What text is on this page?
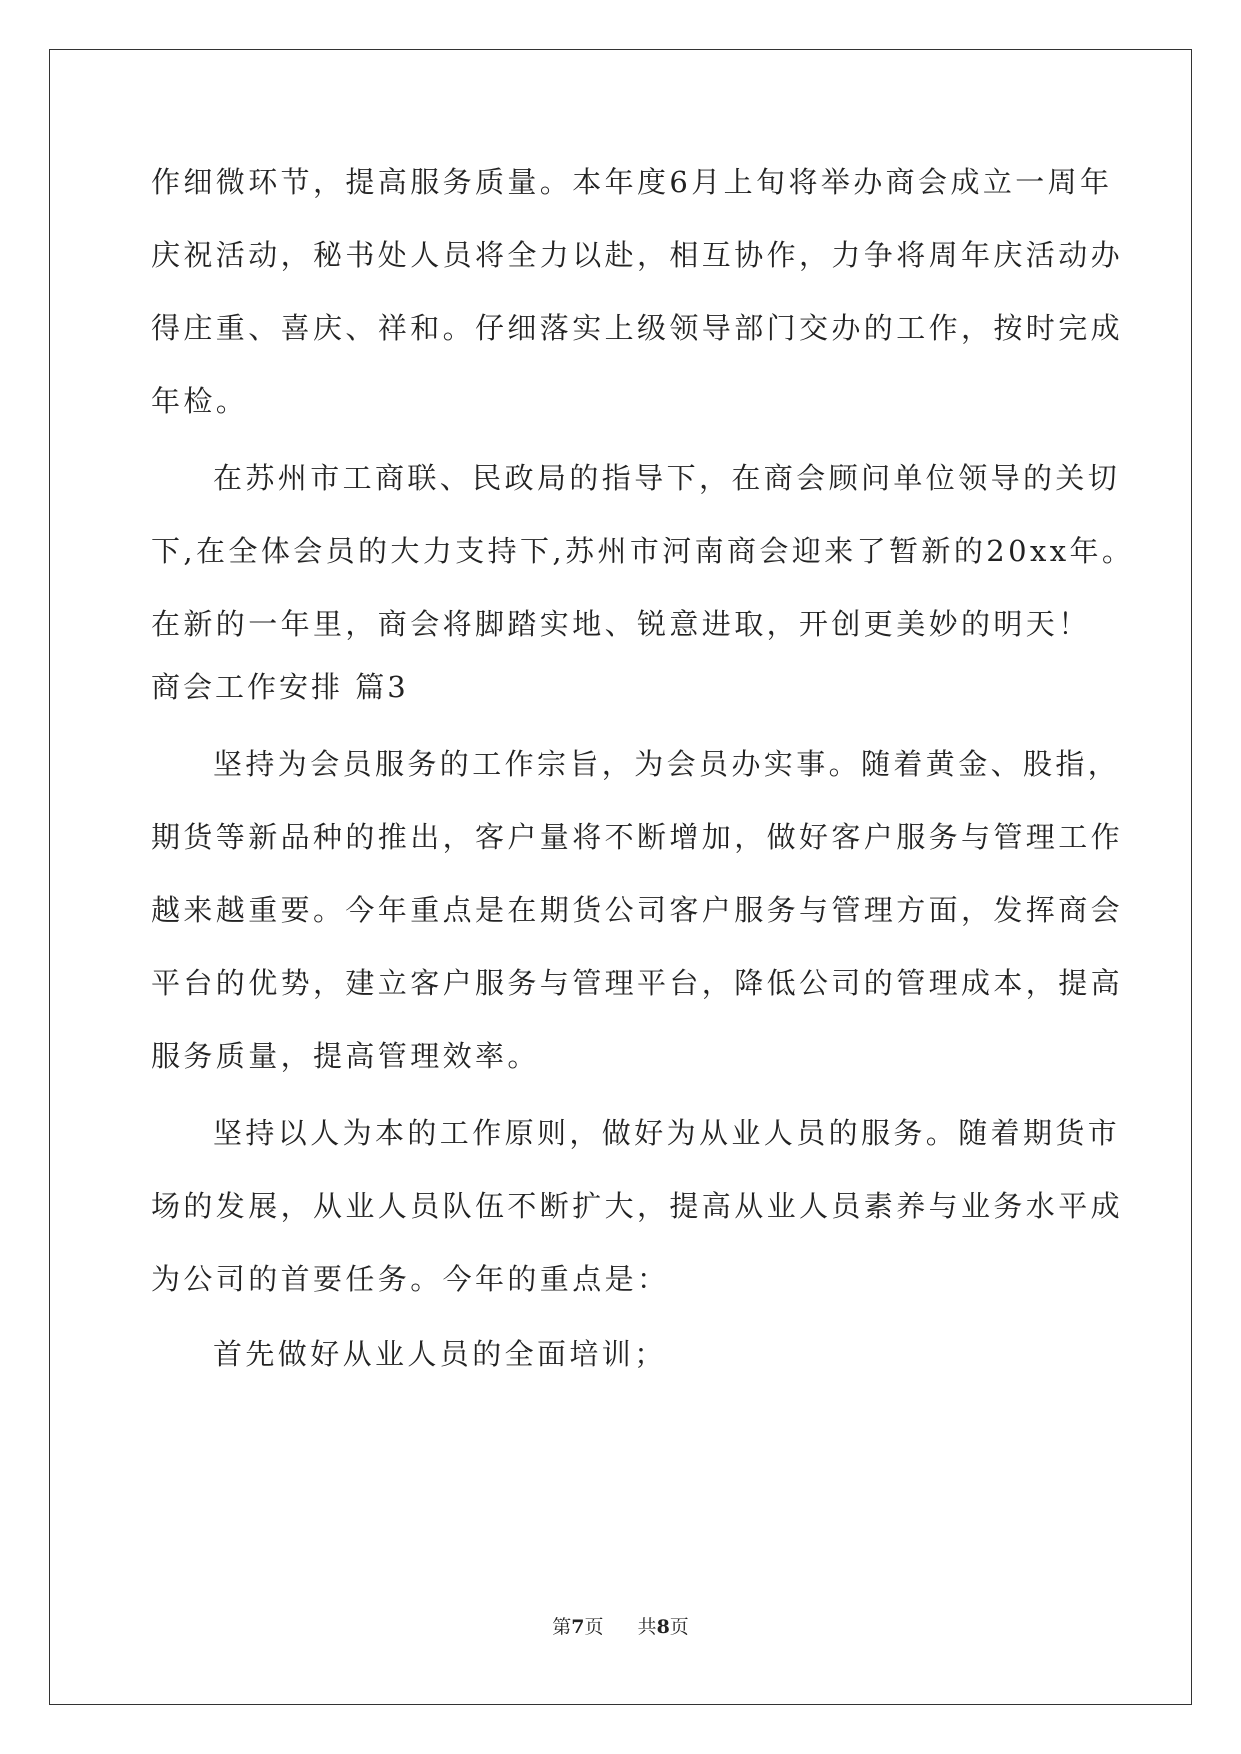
作细微环节，提高服务质量。本年度6月上旬将举办商会成立一周年
庆祝活动，秘书处人员将全力以赴，相互协作，力争将周年庆活动办
得庄重、喜庆、祥和。仔细落实上级领导部门交办的工作，按时完成
年检。
在苏州市工商联、民政局的指导下，在商会顾问单位领导的关切
下,在全体会员的大力支持下,苏州市河南商会迎来了暂新的20xx年。
在新的一年里，商会将脚踏实地、锐意进取，开创更美妙的明天！
商会工作安排 篇3
坚持为会员服务的工作宗旨，为会员办实事。随着黄金、股指，
期货等新品种的推出，客户量将不断增加，做好客户服务与管理工作
越来越重要。今年重点是在期货公司客户服务与管理方面，发挥商会
平台的优势，建立客户服务与管理平台，降低公司的管理成本，提高
服务质量，提高管理效率。
坚持以人为本的工作原则，做好为从业人员的服务。随着期货市
场的发展，从业人员队伍不断扩大，提高从业人员素养与业务水平成
为公司的首要任务。今年的重点是：
首先做好从业人员的全面培训；
第7页 共8页
